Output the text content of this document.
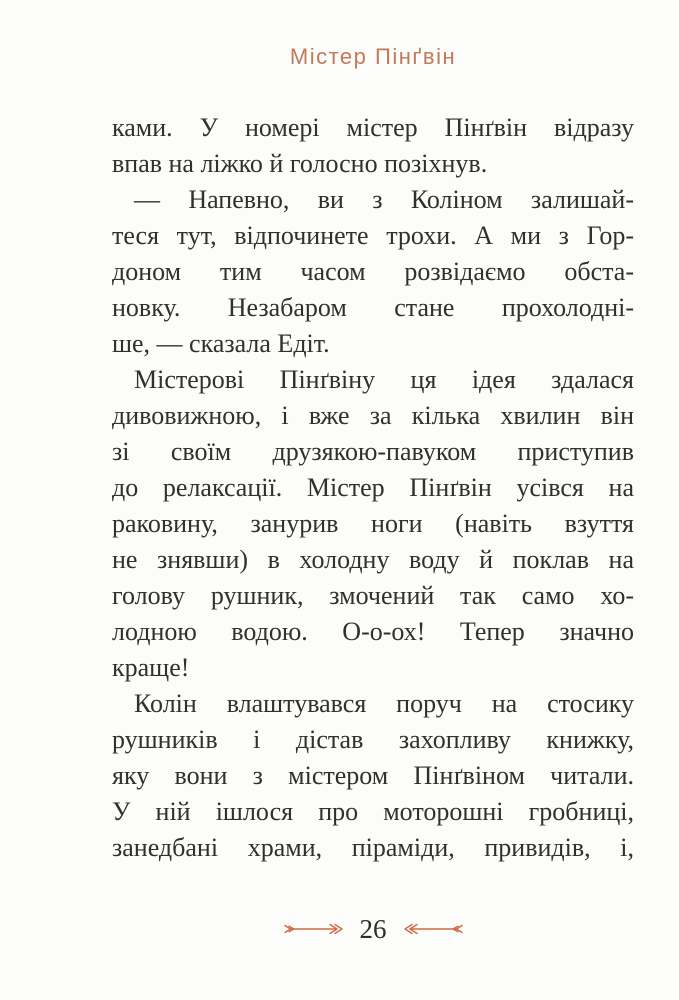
Містер Пінґвін
ками. У номері містер Пінґвін відразу
впав на ліжко й голосно позіхнув.
— Напевно, ви з Коліном залишай-
теся тут, відпочинете трохи. А ми з Гор-
доном тим часом розвідаємо обста-
новку. Незабаром стане прохолодні-
ше, — сказала Едіт.
Містерові Пінґвіну ця ідея здалася
дивовижною, і вже за кілька хвилин він
зі своїм друзякою-павуком приступив
до релаксації. Містер Пінґвін усівся на
раковину, занурив ноги (навіть взуття
не знявши) в холодну воду й поклав на
голову рушник, змочений так само хо-
лодною водою. О-о-ох! Тепер значно
краще!
Колін влаштувався поруч на стосику
рушників і дістав захопливу книжку,
яку вони з містером Пінґвіном читали.
У ній ішлося про моторошні гробниці,
занедбані храми, піраміди, привидів, і,
26
